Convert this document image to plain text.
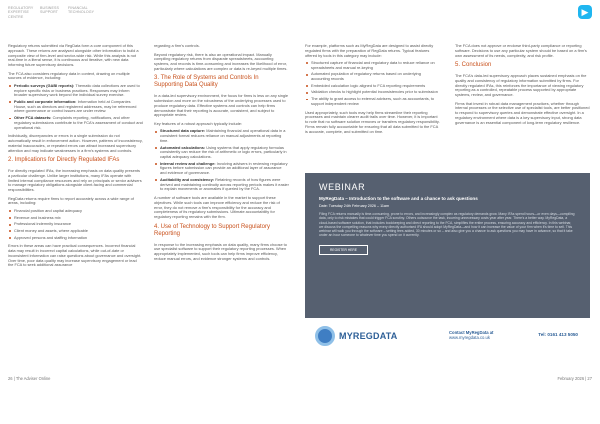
REGULATORY
EXPERTISE
CENTRE
BUSINESS
SUPPORT
FINANCIAL
TECHNOLOGY	▶

Regulatory returns submitted via RegData form a core component of this approach. These returns are analysed alongside other information to build a composite view of firm-level and sector-wide risk. While this analysis is not real-time in a literal sense, it is continuous and iterative, with new data informing future supervisory decisions.

The FCA also considers regulatory data in context, drawing on multiple sources of evidence, including:

Periodic surveys (GABI reports): Thematic data collections are used to explore specific risks or business practices. Responses may inform broader supervisory work beyond the individual survey exercise.
Public and corporate information: Information held at Companies House, such as directors and registered addresses, may be referenced where governance or control issues are under review.
Other FCA datasets: Complaints reporting, notifications, and other regulatory submissions contribute to the FCA's assessment of conduct and operational risk.

Individually, discrepancies or errors in a single submission do not automatically result in enforcement action. However, patterns of inconsistency, material inaccuracies, or repeated errors can attract increased supervisory attention and may indicate weaknesses in a firm's systems and controls.

2. Implications for Directly Regulated IFAs

For directly regulated IFAs, the increasing emphasis on data quality presents a particular challenge. Unlike larger institutions, many IFAs operate with limited internal compliance resources and rely on principals or senior advisers to manage regulatory obligations alongside client-facing and commercial responsibilities.

RegData returns require firms to report accurately across a wide range of areas, including:

Financial position and capital adequacy
Revenue and business mix
Professional indemnity insurance
Client money and assets, where applicable
Approved persons and staffing information

Errors in these areas can have practical consequences. Incorrect financial data may result in incorrect capital calculations, while out-of-date or inconsistent information can raise questions about governance and oversight. Over time, poor data quality may increase supervisory engagement or lead the FCA to seek additional assurance

regarding a firm's controls.

Beyond regulatory risk, there is also an operational impact. Manually compiling regulatory returns from disparate spreadsheets, accounting systems, and records is time-consuming and increases the likelihood of error, particularly where calculations are complex or data is re-keyed multiple times.

3. The Role of Systems and Controls In Supporting Data Quality

In a data-led supervisory environment, the focus for firms is less on any single submission and more on the robustness of the underlying processes used to produce regulatory data. Effective systems and controls can help firms demonstrate that their reporting is accurate, consistent, and subject to appropriate review.

Key features of a robust approach typically include:

Structured data capture: Maintaining financial and operational data in a consistent format reduces reliance on manual adjustments at reporting time.
Automated calculations: Using systems that apply regulatory formulas consistently can reduce the risk of arithmetic or logic errors, particularly in capital adequacy calculations.
Internal review and challenge: Involving advisers in reviewing regulatory figures before submission can provide an additional layer of assurance and evidence of governance.
Auditability and consistency: Retaining records of how figures were derived and maintaining continuity across reporting periods makes it easier to explain movements or anomalies if queried by the FCA.

A number of software tools are available in the market to support these objectives. While such tools can improve efficiency and reduce the risk of error, they do not remove a firm's responsibility for the accuracy and completeness of its regulatory submissions. Ultimate accountability for regulatory reporting remains with the firm.

4. Use of Technology to Support Regulatory Reporting

In response to the increasing emphasis on data quality, many firms choose to use specialist software to support their regulatory reporting processes. When appropriately implemented, such tools can help firms improve efficiency, reduce manual errors, and evidence stronger systems and controls.

For example, platforms such as MyRegData are designed to assist directly regulated firms with the preparation of RegData returns. Typical features offered by tools in this category may include:

Structured capture of financial and regulatory data to reduce reliance on spreadsheets and manual re-keying
Automated population of regulatory returns based on underlying accounting records
Embedded calculation logic aligned to FCA reporting requirements
Validation checks to highlight potential inconsistencies prior to submission
The ability to grant access to external advisers, such as accountants, to support independent review

Used appropriately, such tools may help firms streamline their reporting processes and maintain clearer audit trails over time. However, it is important to note that no software solution removes or transfers regulatory responsibility. Firms remain fully accountable for ensuring that all data submitted to the FCA is accurate, complete, and submitted on time.

The FCA does not approve or endorse third-party compliance or reporting software. Decisions to use any particular system should be based on a firm's own assessment of its needs, complexity, and risk profile.

5. Conclusion

The FCA's data-led supervisory approach places sustained emphasis on the quality and consistency of regulatory information submitted by firms. For directly regulated IFAs, this reinforces the importance of viewing regulatory reporting as a controlled, repeatable process supported by appropriate systems, review, and governance.

Firms that invest in robust data management practices, whether through internal processes or the selective use of specialist tools, are better positioned to respond to supervisory queries and demonstrate effective oversight. In a regulatory environment where data is a key supervisory input, strong data governance is an essential component of long-term regulatory resilience.

WEBINAR
MyRegData – Introduction to the software and a chance to ask questions
Date: Tuesday 24th February 2026 – 11am
Filing FCA returns manually is time-consuming, prone to errors, and increasingly complex as regulatory demands grow. Many IFAs spend hours—or even days—compiling data, only to risk mistakes that could trigger FCA scrutiny. Others outsource the task, incurring unnecessary costs year after year. There's a better way. MyRegData, a cloud-based software solution, that includes bookkeeping and direct reporting to the FCA, simplifies the entire process, ensuring accuracy and efficiency. In this webinar, we discuss the compelling reasons why every directly authorised IFA should adopt MyRegData—and how it can increase the value of your firm when it's time to sell. This webinar will walk you through the software – setting fees added, 30 minutes or so – and also give you a chance to ask questions you may have in advance, so that it take under an hour someone to whatever time you spend on it currently.
REGISTER HERE
MYREGDATA	Contact MyRegData at
www.myregdata.co.uk
Tel: 0161 413 5050
26 | The Adviser Online	February 2026 | 27
